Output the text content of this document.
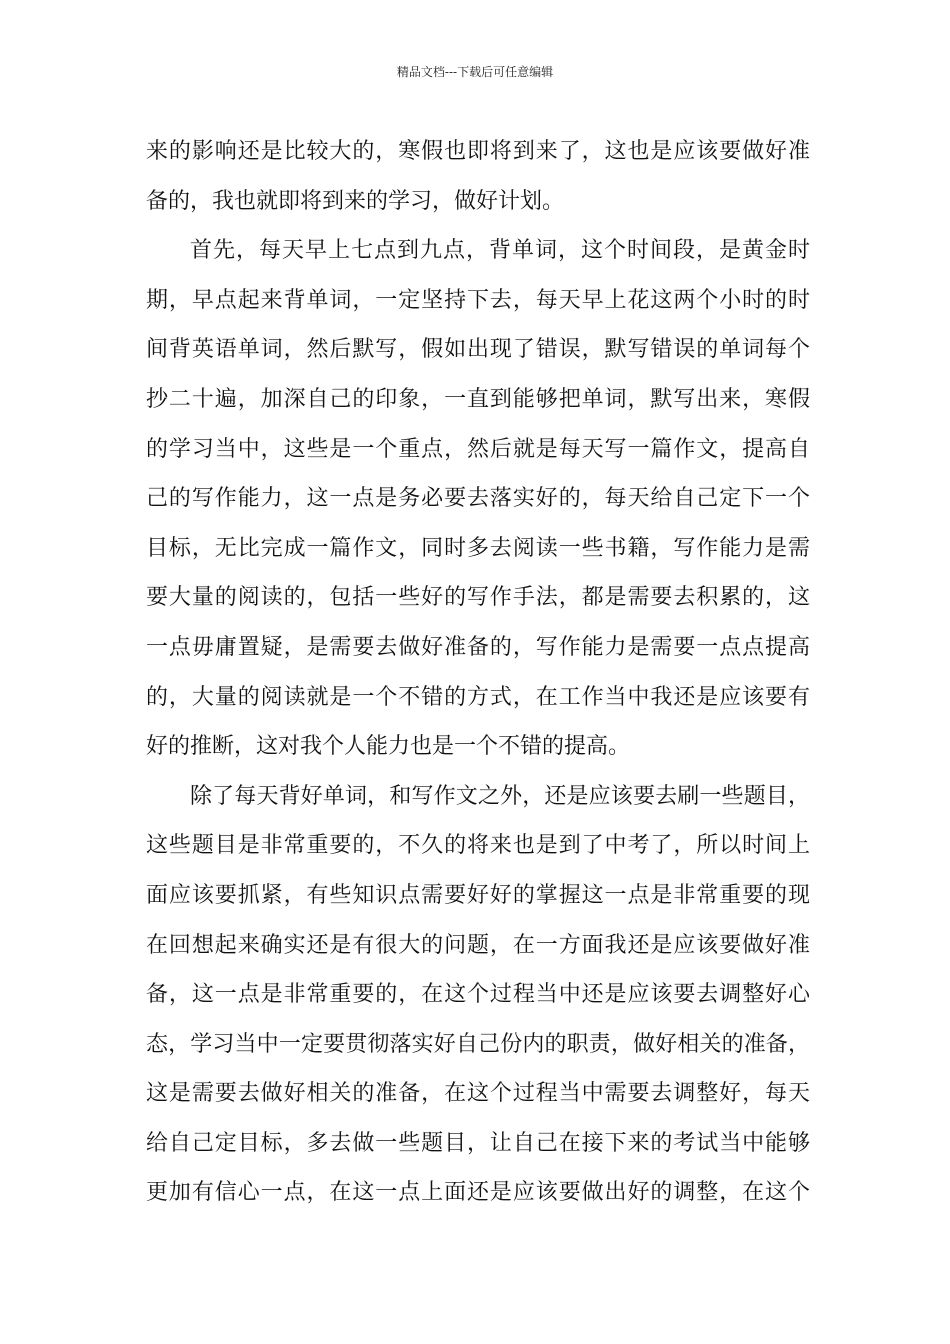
精品文档---下载后可任意编辑
来的影响还是比较大的，寒假也即将到来了，这也是应该要做好准
备的，我也就即将到来的学习，做好计划。
首先，每天早上七点到九点，背单词，这个时间段，是黄金时
期，早点起来背单词，一定坚持下去，每天早上花这两个小时的时
间背英语单词，然后默写，假如出现了错误，默写错误的单词每个
抄二十遍，加深自己的印象，一直到能够把单词，默写出来，寒假
的学习当中，这些是一个重点，然后就是每天写一篇作文，提高自
己的写作能力，这一点是务必要去落实好的，每天给自己定下一个
目标，无比完成一篇作文，同时多去阅读一些书籍，写作能力是需
要大量的阅读的，包括一些好的写作手法，都是需要去积累的，这
一点毋庸置疑，是需要去做好准备的，写作能力是需要一点点提高
的，大量的阅读就是一个不错的方式，在工作当中我还是应该要有
好的推断，这对我个人能力也是一个不错的提高。
除了每天背好单词，和写作文之外，还是应该要去刷一些题目，
这些题目是非常重要的，不久的将来也是到了中考了，所以时间上
面应该要抓紧，有些知识点需要好好的掌握这一点是非常重要的现
在回想起来确实还是有很大的问题，在一方面我还是应该要做好准
备，这一点是非常重要的，在这个过程当中还是应该要去调整好心
态，学习当中一定要贯彻落实好自己份内的职责，做好相关的准备，
这是需要去做好相关的准备，在这个过程当中需要去调整好，每天
给自己定目标，多去做一些题目，让自己在接下来的考试当中能够
更加有信心一点，在这一点上面还是应该要做出好的调整，在这个
